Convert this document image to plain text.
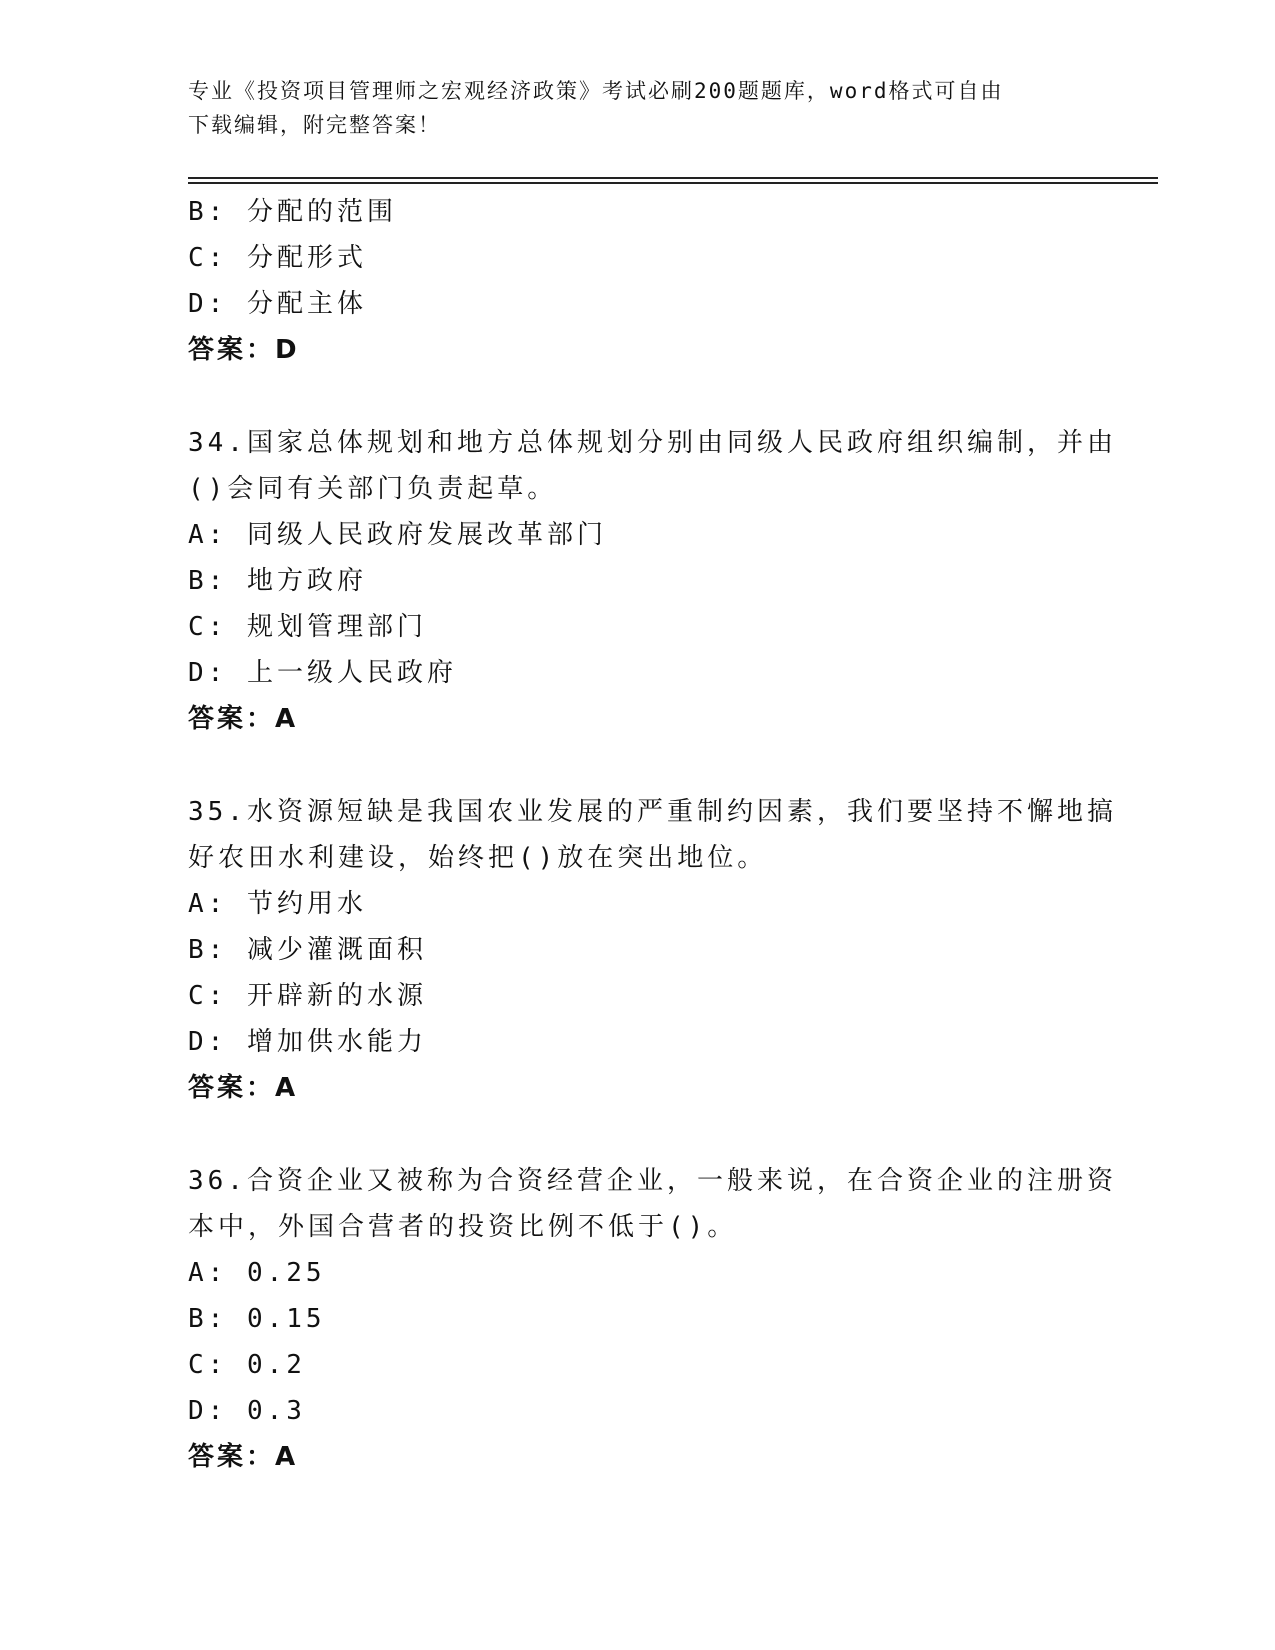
专业《投资项目管理师之宏观经济政策》考试必刷200题题库，word格式可自由
下载编辑，附完整答案！
B: 分配的范围
C: 分配形式
D: 分配主体
答案：D
34.国家总体规划和地方总体规划分别由同级人民政府组织编制，并由
()会同有关部门负责起草。
A: 同级人民政府发展改革部门
B: 地方政府
C: 规划管理部门
D: 上一级人民政府
答案：A
35.水资源短缺是我国农业发展的严重制约因素，我们要坚持不懈地搞
好农田水利建设，始终把()放在突出地位。
A: 节约用水
B: 减少灌溉面积
C: 开辟新的水源
D: 增加供水能力
答案：A
36.合资企业又被称为合资经营企业，一般来说，在合资企业的注册资
本中，外国合营者的投资比例不低于()。
A: 0.25
B: 0.15
C: 0.2
D: 0.3
答案：A
